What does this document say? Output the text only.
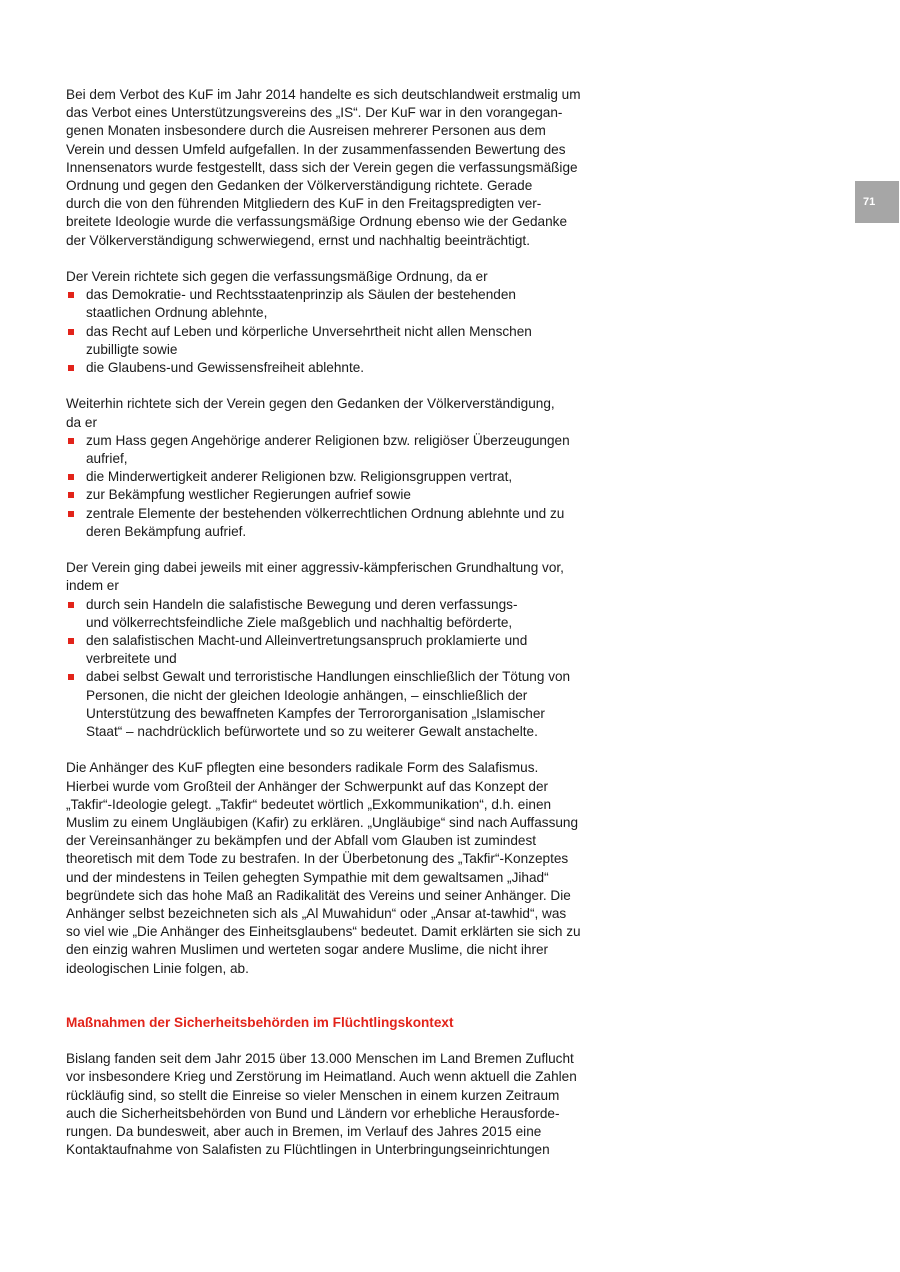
71

Bei dem Verbot des KuF im Jahr 2014 handelte es sich deutschlandweit erstmalig um
das Verbot eines Unterstützungsvereins des „IS“. Der KuF war in den vorangegan-
genen Monaten insbesondere durch die Ausreisen mehrerer Personen aus dem
Verein und dessen Umfeld aufgefallen. In der zusammenfassenden Bewertung des
Innensenators wurde festgestellt, dass sich der Verein gegen die verfassungsmäßige
Ordnung und gegen den Gedanken der Völkerverständigung richtete. Gerade
durch die von den führenden Mitgliedern des KuF in den Freitagspredigten ver-
breitete Ideologie wurde die verfassungsmäßige Ordnung ebenso wie der Gedanke
der Völkerverständigung schwerwiegend, ernst und nachhaltig beeinträchtigt.

Der Verein richtete sich gegen die verfassungsmäßige Ordnung, da er

das Demokratie- und Rechtsstaatenprinzip als Säulen der bestehenden
staatlichen Ordnung ablehnte,
das Recht auf Leben und körperliche Unversehrtheit nicht allen Menschen
zubilligte sowie
die Glaubens-und Gewissensfreiheit ablehnte.

Weiterhin richtete sich der Verein gegen den Gedanken der Völkerverständigung,
da er

zum Hass gegen Angehörige anderer Religionen bzw. religiöser Überzeugungen
aufrief,
die Minderwertigkeit anderer Religionen bzw. Religionsgruppen vertrat,
zur Bekämpfung westlicher Regierungen aufrief sowie
zentrale Elemente der bestehenden völkerrechtlichen Ordnung ablehnte und zu
deren Bekämpfung aufrief.

Der Verein ging dabei jeweils mit einer aggressiv-kämpferischen Grundhaltung vor,
indem er

durch sein Handeln die salafistische Bewegung und deren verfassungs-
und völkerrechtsfeindliche Ziele maßgeblich und nachhaltig beförderte,
den salafistischen Macht-und Alleinvertretungsanspruch proklamierte und
verbreitete und
dabei selbst Gewalt und terroristische Handlungen einschließlich der Tötung von
Personen, die nicht der gleichen Ideologie anhängen, – einschließlich der
Unterstützung des bewaffneten Kampfes der Terrororganisation „Islamischer
Staat“ – nachdrücklich befürwortete und so zu weiterer Gewalt anstachelte.

Die Anhänger des KuF pflegten eine besonders radikale Form des Salafismus.
Hierbei wurde vom Großteil der Anhänger der Schwerpunkt auf das Konzept der
„Takfir“-Ideologie gelegt. „Takfir“ bedeutet wörtlich „Exkommunikation“, d.h. einen
Muslim zu einem Ungläubigen (Kafir) zu erklären. „Ungläubige“ sind nach Auffassung
der Vereinsanhänger zu bekämpfen und der Abfall vom Glauben ist zumindest
theoretisch mit dem Tode zu bestrafen. In der Überbetonung des „Takfir“-Konzeptes
und der mindestens in Teilen gehegten Sympathie mit dem gewaltsamen „Jihad“
begründete sich das hohe Maß an Radikalität des Vereins und seiner Anhänger. Die
Anhänger selbst bezeichneten sich als „Al Muwahidun“ oder „Ansar at-tawhid“, was
so viel wie „Die Anhänger des Einheitsglaubens“ bedeutet. Damit erklärten sie sich zu
den einzig wahren Muslimen und werteten sogar andere Muslime, die nicht ihrer
ideologischen Linie folgen, ab.

Maßnahmen der Sicherheitsbehörden im Flüchtlingskontext

Bislang fanden seit dem Jahr 2015 über 13.000 Menschen im Land Bremen Zuflucht
vor insbesondere Krieg und Zerstörung im Heimatland. Auch wenn aktuell die Zahlen
rückläufig sind, so stellt die Einreise so vieler Menschen in einem kurzen Zeitraum
auch die Sicherheitsbehörden von Bund und Ländern vor erhebliche Herausforde-
rungen. Da bundesweit, aber auch in Bremen, im Verlauf des Jahres 2015 eine
Kontaktaufnahme von Salafisten zu Flüchtlingen in Unterbringungseinrichtungen
